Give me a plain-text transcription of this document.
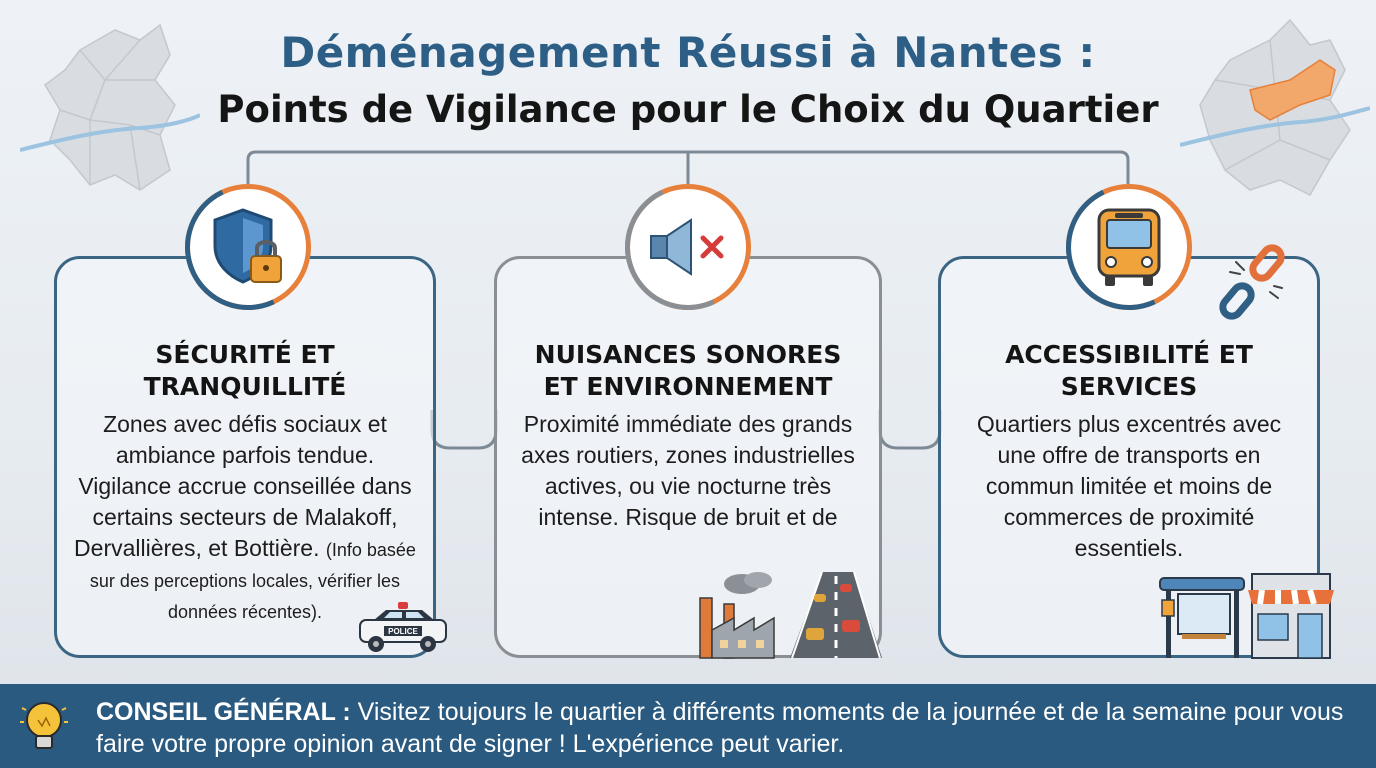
Déménagement Réussi à Nantes :
Points de Vigilance pour le Choix du Quartier
SÉCURITÉ ET
TRANQUILLITÉ
Zones avec défis sociaux et ambiance parfois tendue. Vigilance accrue conseillée dans certains secteurs de Malakoff, Dervallières, et Bottière. (Info basée sur des perceptions locales, vérifier les données récentes).
POLICE
NUISANCES SONORES
ET ENVIRONNEMENT
Proximité immédiate des grands axes routiers, zones industrielles actives, ou vie nocturne très intense. Risque de bruit et de
ACCESSIBILITÉ ET
SERVICES
Quartiers plus excentrés avec une offre de transports en commun limitée et moins de commerces de proximité essentiels.
CONSEIL GÉNÉRAL : Visitez toujours le quartier à différents moments de la journée et de la semaine pour vous faire votre propre opinion avant de signer ! L'expérience peut varier.
